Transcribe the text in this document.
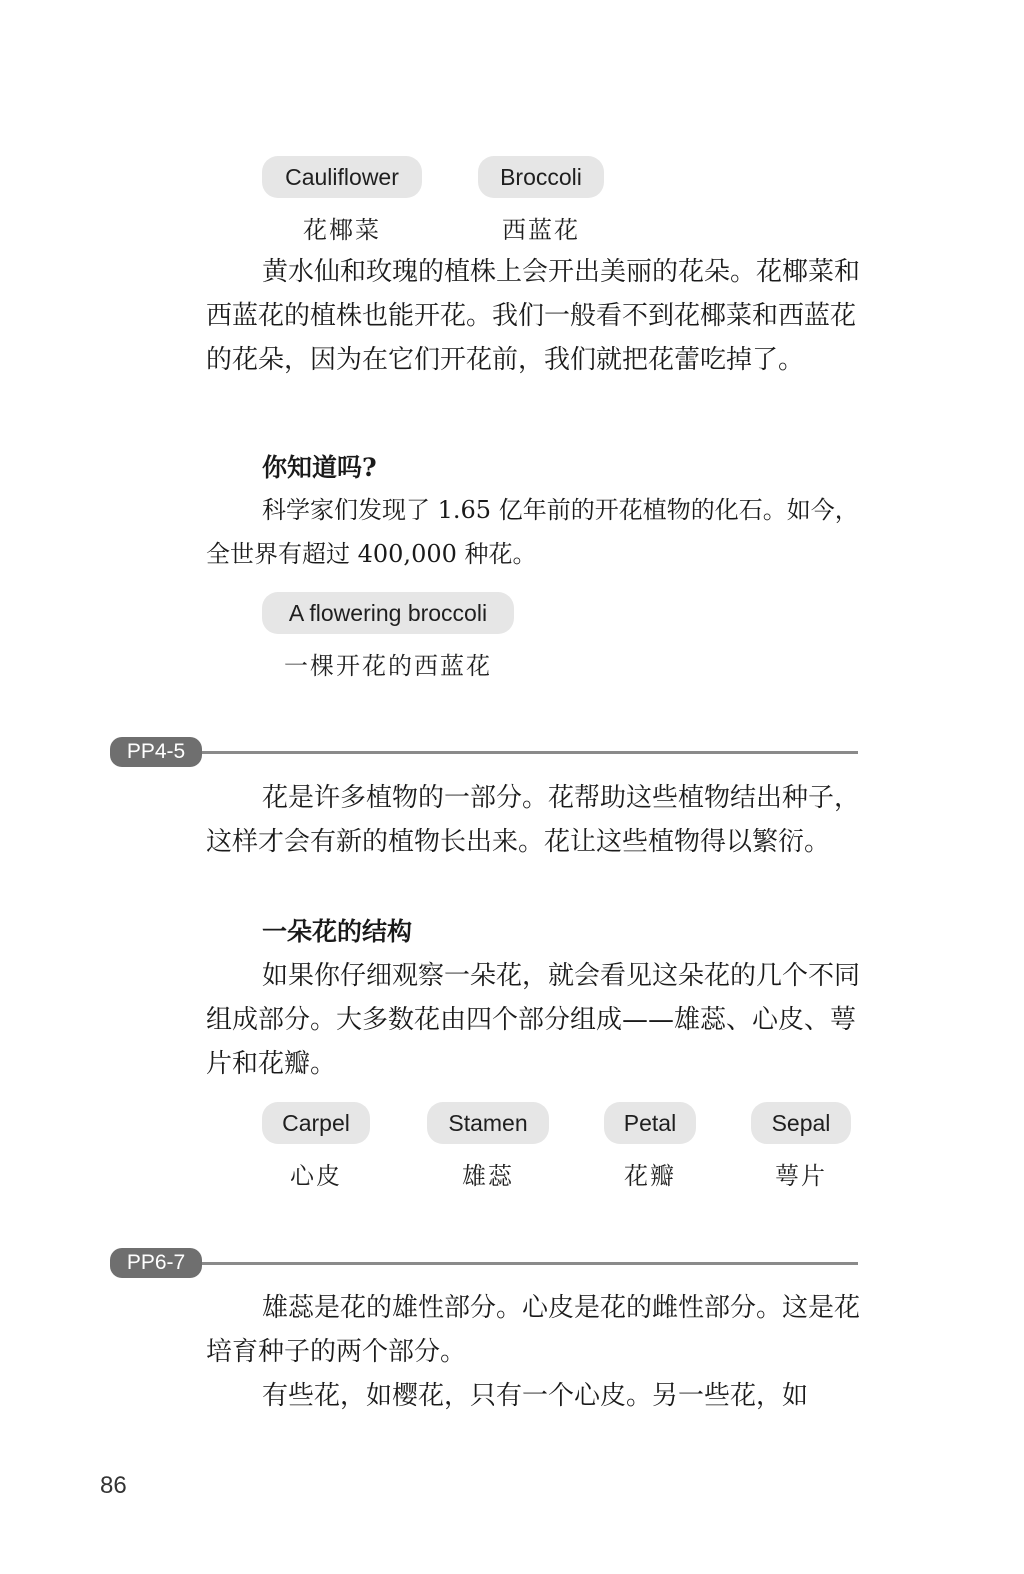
Cauliflower
花椰菜
Broccoli
西蓝花

黄水仙和玫瑰的植株上会开出美丽的花朵。花椰菜和西蓝花的植株也能开花。我们一般看不到花椰菜和西蓝花的花朵，因为在它们开花前，我们就把花蕾吃掉了。

你知道吗?

科学家们发现了 1.65 亿年前的开花植物的化石。如今，全世界有超过 400,000 种花。

A flowering broccoli
一棵开花的西蓝花
PP4-5

花是许多植物的一部分。花帮助这些植物结出种子，这样才会有新的植物长出来。花让这些植物得以繁衍。

一朵花的结构

如果你仔细观察一朵花，就会看见这朵花的几个不同组成部分。大多数花由四个部分组成——雄蕊、心皮、萼片和花瓣。

Carpel
心皮
Stamen
雄蕊
Petal
花瓣
Sepal
萼片
PP6-7

雄蕊是花的雄性部分。心皮是花的雌性部分。这是花培育种子的两个部分。

有些花，如樱花，只有一个心皮。另一些花，如

86
